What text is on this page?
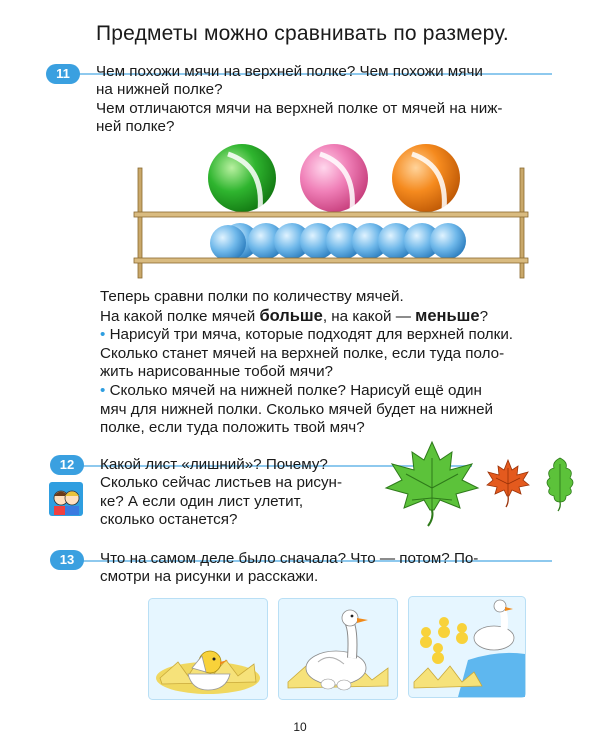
Предметы можно сравнивать по размеру.
11	Чем похожи мячи на верхней полке? Чем похожи мячи
на нижней полке?
Чем отличаются мячи на верхней полке от мячей на ниж-
ней полке?
Теперь сравни полки по количеству мячей.
На какой полке мячей больше, на какой — меньше?
• Нарисуй три мяча, которые подходят для верхней полки.
Сколько станет мячей на верхней полке, если туда поло-
жить нарисованные тобой мячи?
• Сколько мячей на нижней полке? Нарисуй ещё один
мяч для нижней полки. Сколько мячей будет на нижней
полке, если туда положить твой мяч?
12	Какой лист «лишний»? Почему?
Сколько сейчас листьев на рисун-
ке? А если один лист улетит,
сколько останется?
13	Что на самом деле было сначала? Что — потом? По-
смотри на рисунки и расскажи.
10
